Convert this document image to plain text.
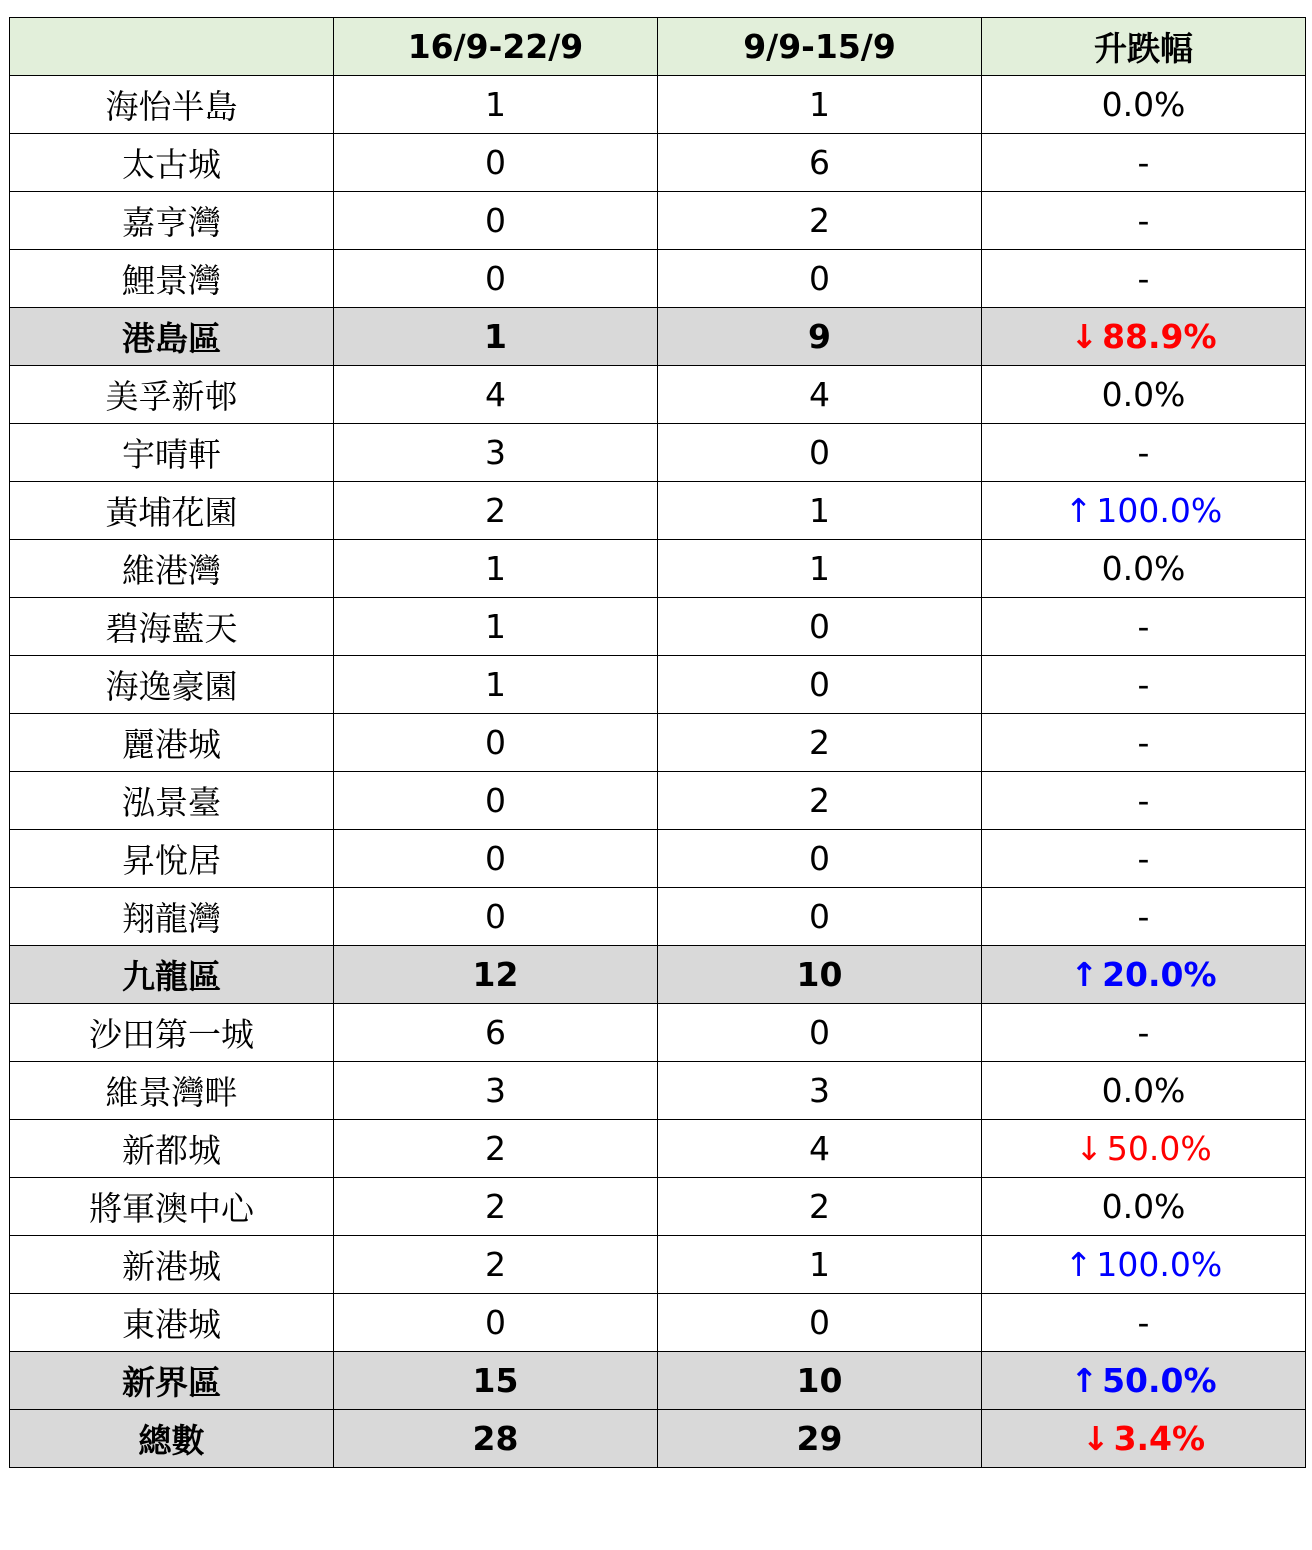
	16/9-22/9	9/9-15/9	升跌幅
海怡半島	1	1	0.0%
太古城	0	6	-
嘉亨灣	0	2	-
鯉景灣	0	0	-
港島區	1	9	↓ 88.9%
美孚新邨	4	4	0.0%
宇晴軒	3	0	-
黃埔花園	2	1	↑ 100.0%
維港灣	1	1	0.0%
碧海藍天	1	0	-
海逸豪園	1	0	-
麗港城	0	2	-
泓景臺	0	2	-
昇悅居	0	0	-
翔龍灣	0	0	-
九龍區	12	10	↑ 20.0%
沙田第一城	6	0	-
維景灣畔	3	3	0.0%
新都城	2	4	↓ 50.0%
將軍澳中心	2	2	0.0%
新港城	2	1	↑ 100.0%
東港城	0	0	-
新界區	15	10	↑ 50.0%
總數	28	29	↓ 3.4%
